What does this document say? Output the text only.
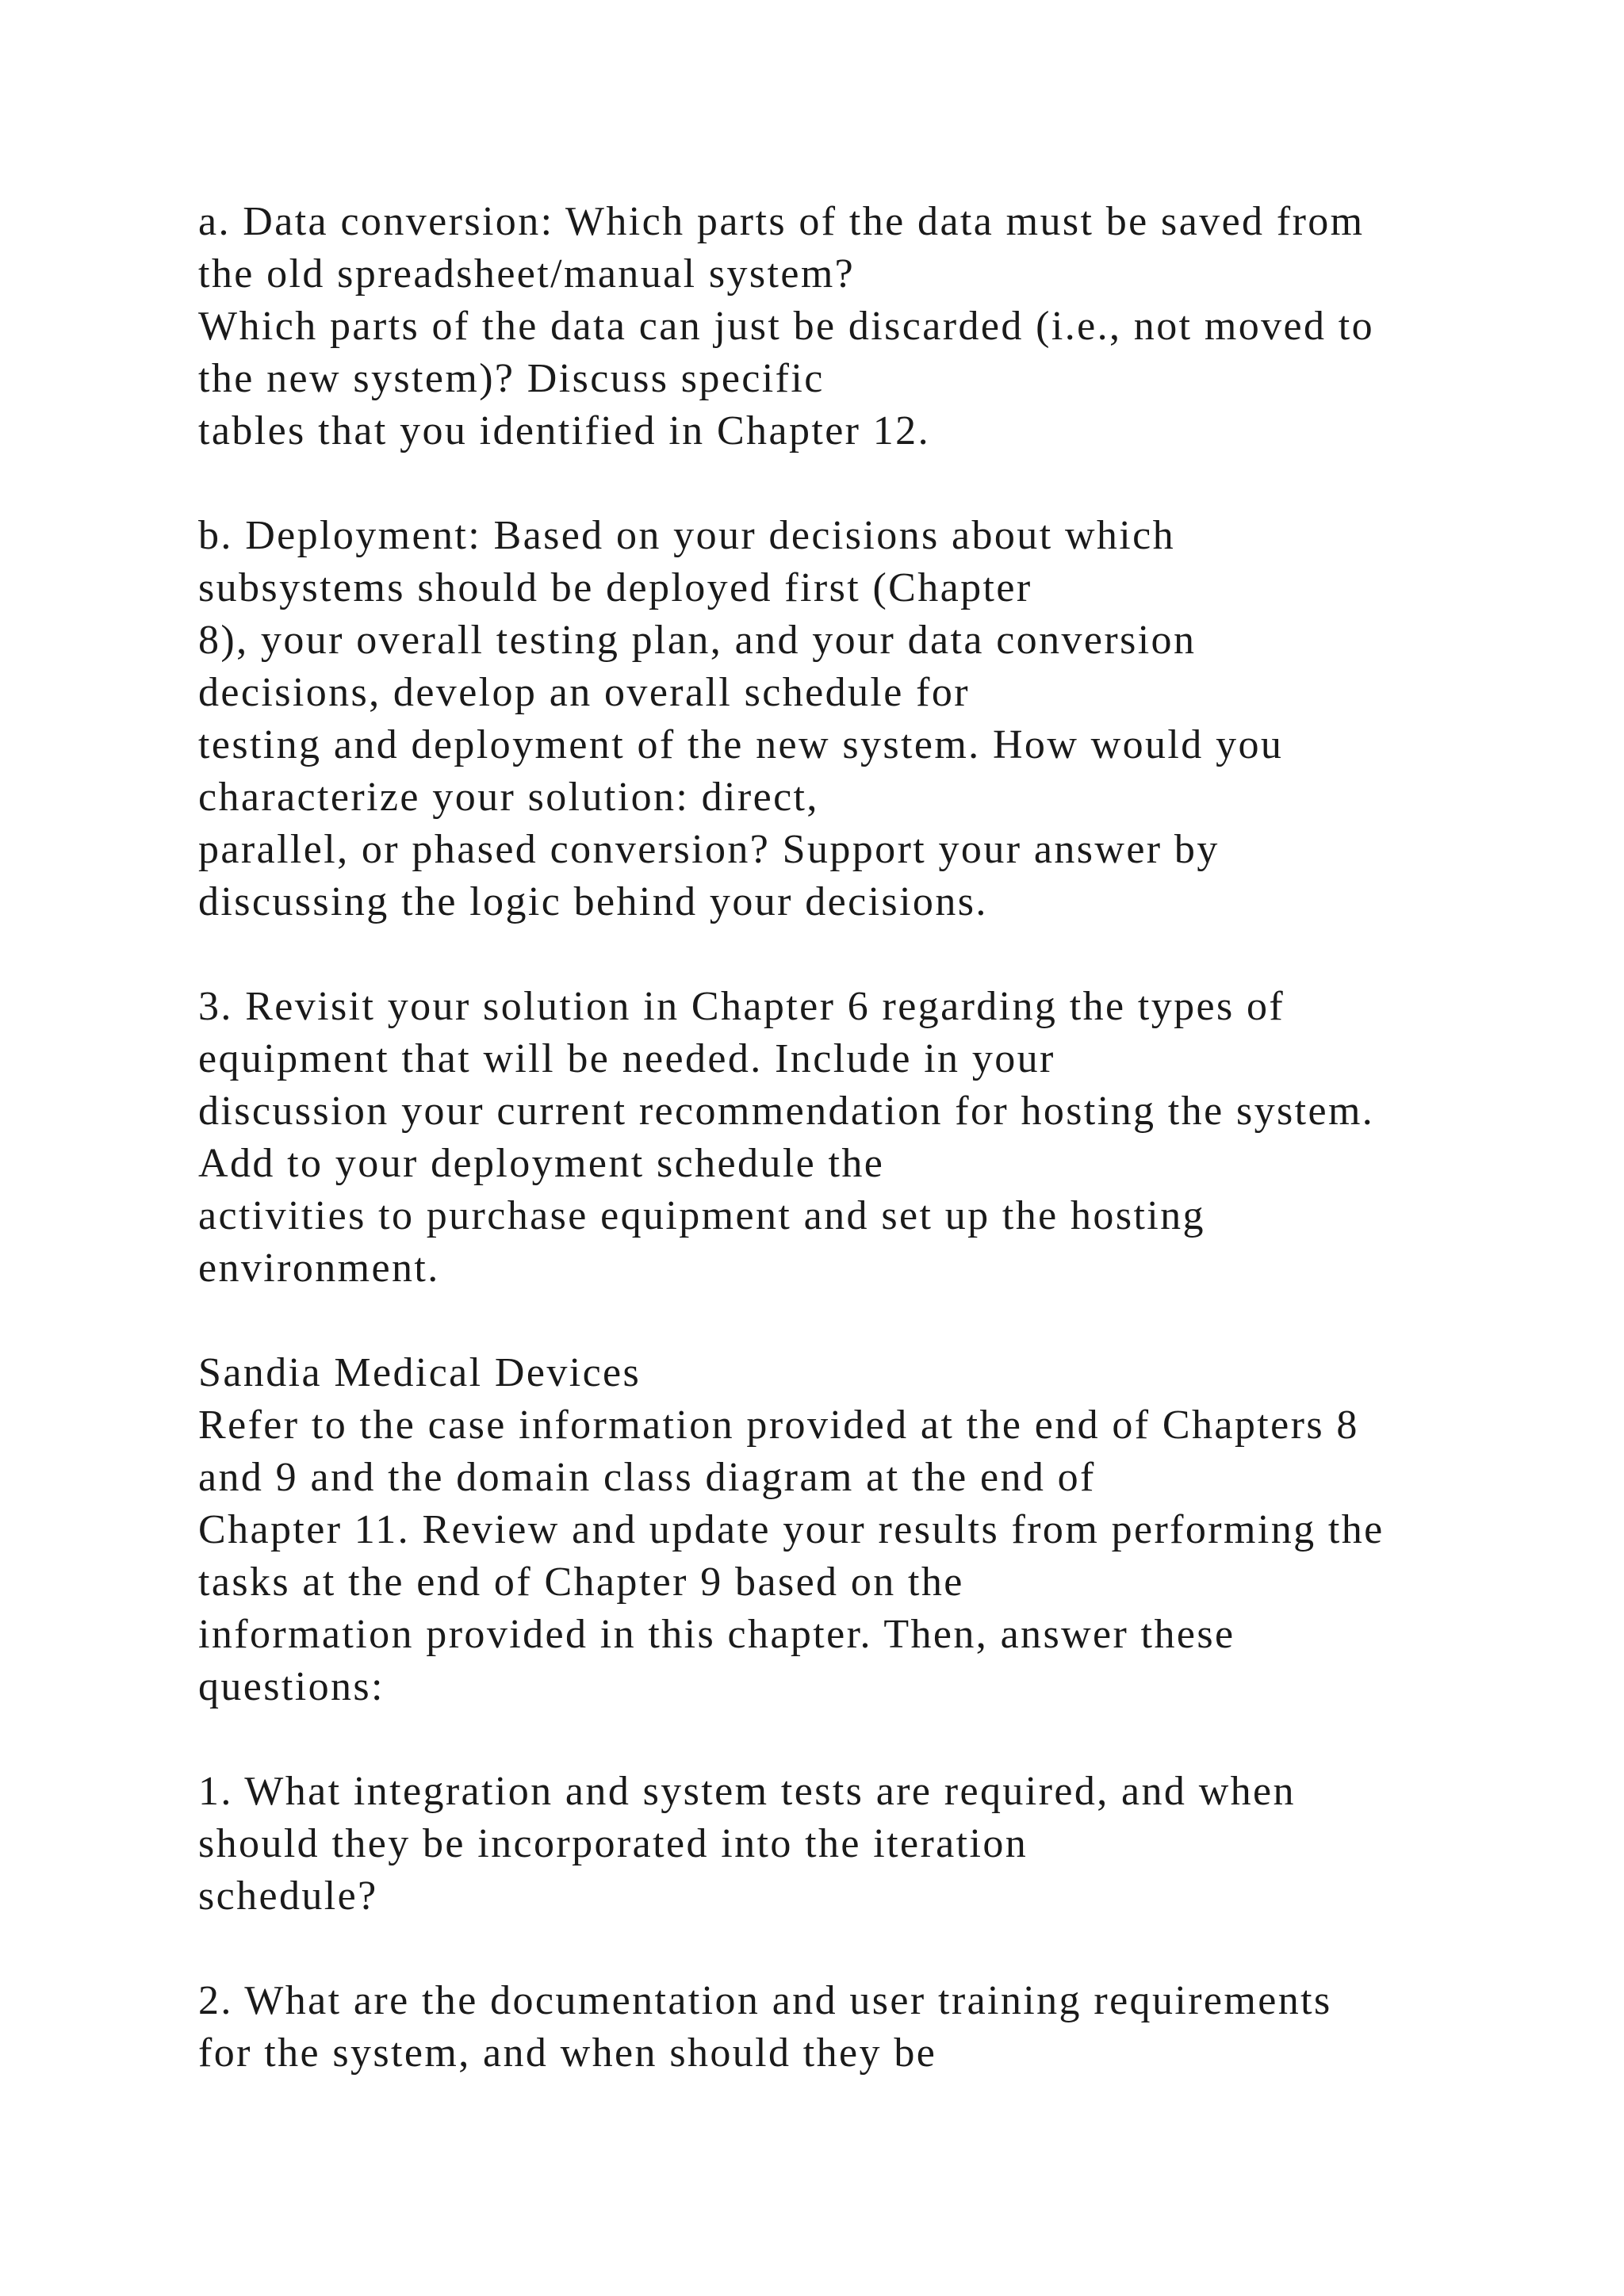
a. Data conversion: Which parts of the data must be saved from
the old spreadsheet/manual system?
Which parts of the data can just be discarded (i.e., not moved to
the new system)? Discuss specific
tables that you identified in Chapter 12.
b. Deployment: Based on your decisions about which
subsystems should be deployed first (Chapter
8), your overall testing plan, and your data conversion
decisions, develop an overall schedule for
testing and deployment of the new system. How would you
characterize your solution: direct,
parallel, or phased conversion? Support your answer by
discussing the logic behind your decisions.
3. Revisit your solution in Chapter 6 regarding the types of
equipment that will be needed. Include in your
discussion your current recommendation for hosting the system.
Add to your deployment schedule the
activities to purchase equipment and set up the hosting
environment.
Sandia Medical Devices
Refer to the case information provided at the end of Chapters 8
and 9 and the domain class diagram at the end of
Chapter 11. Review and update your results from performing the
tasks at the end of Chapter 9 based on the
information provided in this chapter. Then, answer these
questions:
1. What integration and system tests are required, and when
should they be incorporated into the iteration
schedule?
2. What are the documentation and user training requirements
for the system, and when should they be
